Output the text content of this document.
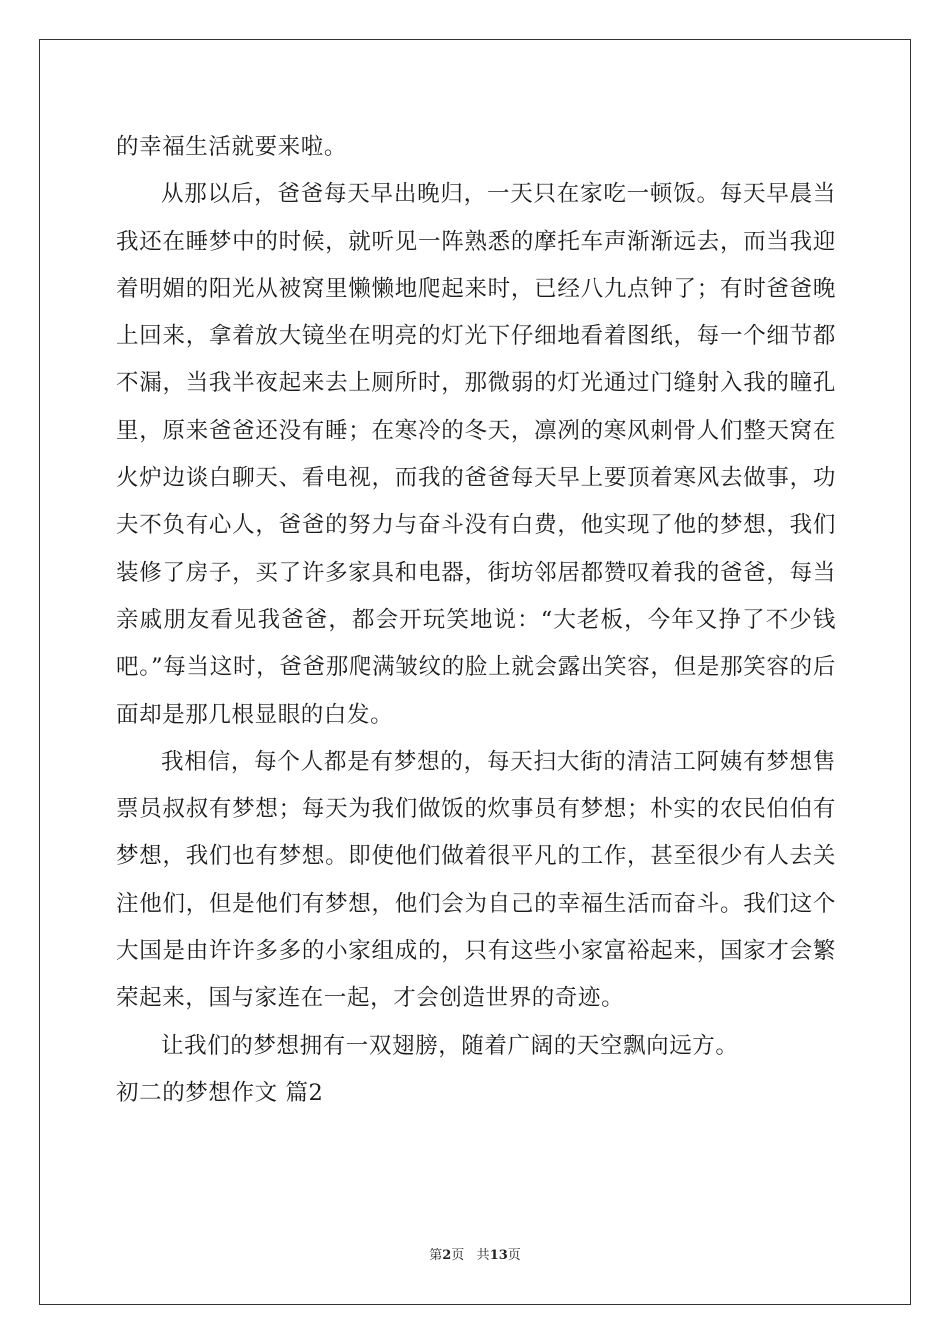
的幸福生活就要来啦。

从那以后，爸爸每天早出晚归，一天只在家吃一顿饭。每天早晨当我还在睡梦中的时候，就听见一阵熟悉的摩托车声渐渐远去，而当我迎着明媚的阳光从被窝里懒懒地爬起来时，已经八九点钟了；有时爸爸晚上回来，拿着放大镜坐在明亮的灯光下仔细地看着图纸，每一个细节都不漏，当我半夜起来去上厕所时，那微弱的灯光通过门缝射入我的瞳孔里，原来爸爸还没有睡；在寒冷的冬天，凛冽的寒风刺骨人们整天窝在火炉边谈白聊天、看电视，而我的爸爸每天早上要顶着寒风去做事，功夫不负有心人，爸爸的努力与奋斗没有白费，他实现了他的梦想，我们装修了房子，买了许多家具和电器，街坊邻居都赞叹着我的爸爸，每当亲戚朋友看见我爸爸，都会开玩笑地说：“大老板，今年又挣了不少钱吧。”每当这时，爸爸那爬满皱纹的脸上就会露出笑容，但是那笑容的后面却是那几根显眼的白发。

我相信，每个人都是有梦想的，每天扫大街的清洁工阿姨有梦想售票员叔叔有梦想；每天为我们做饭的炊事员有梦想；朴实的农民伯伯有梦想，我们也有梦想。即使他们做着很平凡的工作，甚至很少有人去关注他们，但是他们有梦想，他们会为自己的幸福生活而奋斗。我们这个大国是由许许多多的小家组成的，只有这些小家富裕起来，国家才会繁荣起来，国与家连在一起，才会创造世界的奇迹。

让我们的梦想拥有一双翅膀，随着广阔的天空飘向远方。

初二的梦想作文 篇2

第2页 共13页
